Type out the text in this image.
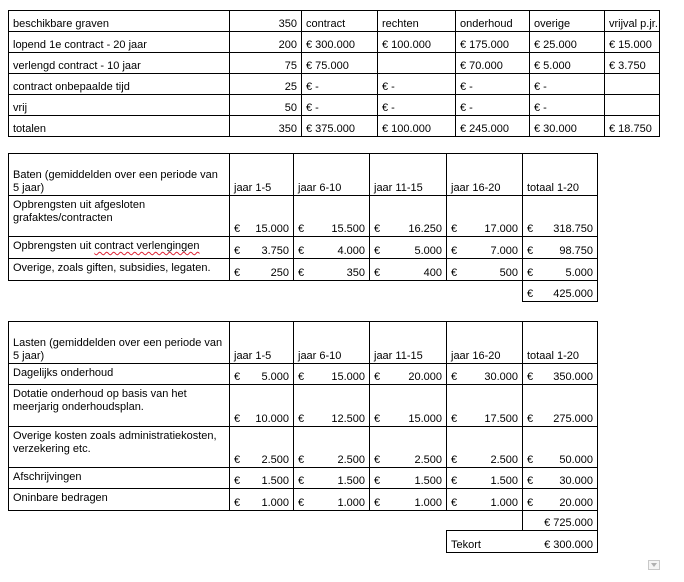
beschikbare graven	350	contract	rechten	onderhoud	overige	vrijval p.jr.
lopend 1e contract - 20 jaar	200	€ 300.000	€ 100.000	€ 175.000	€ 25.000	€ 15.000
verlengd contract - 10 jaar	75	€ 75.000		€ 70.000	€ 5.000	€ 3.750
contract onbepaalde tijd	25	€ -	€ -	€ -	€ -	
vrij	50	€ -	€ -	€ -	€ -	
totalen	350	€ 375.000	€ 100.000	€ 245.000	€ 30.000	€ 18.750
Baten (gemiddelden over een periode van 5 jaar)	jaar 1-5	jaar 6-10	jaar 11-15	jaar 16-20	totaal 1-20
Opbrengsten uit afgesloten grafaktes/contracten	€ 15.000	€ 15.500	€ 16.250	€ 17.000	€ 318.750

Opbrengsten uit contract verlengingen	€ 3.750	€ 4.000	€ 5.000	€ 7.000	€ 98.750

Overige, zoals giften, subsidies, legaten.	€ 250	€ 350	€ 400	€ 500	€ 5.000

					€ 425.000
Lasten (gemiddelden over een periode van 5 jaar)	jaar 1-5	jaar 6-10	jaar 11-15	jaar 16-20	totaal 1-20
Dagelijks onderhoud	€ 5.000	€ 15.000	€ 20.000	€ 30.000	€ 350.000

Dotatie onderhoud op basis van het meerjarig onderhoudsplan.	€ 10.000	€ 12.500	€ 15.000	€ 17.500	€ 275.000

Overige kosten zoals administratiekosten, verzekering etc.	€ 2.500	€ 2.500	€ 2.500	€ 2.500	€ 50.000

Afschrijvingen	€ 1.500	€ 1.500	€ 1.500	€ 1.500	€ 30.000

Oninbare bedragen	€ 1.000	€ 1.000	€ 1.000	€ 1.000	€ 20.000

					€ 725.000
				Tekort	€ 300.000
